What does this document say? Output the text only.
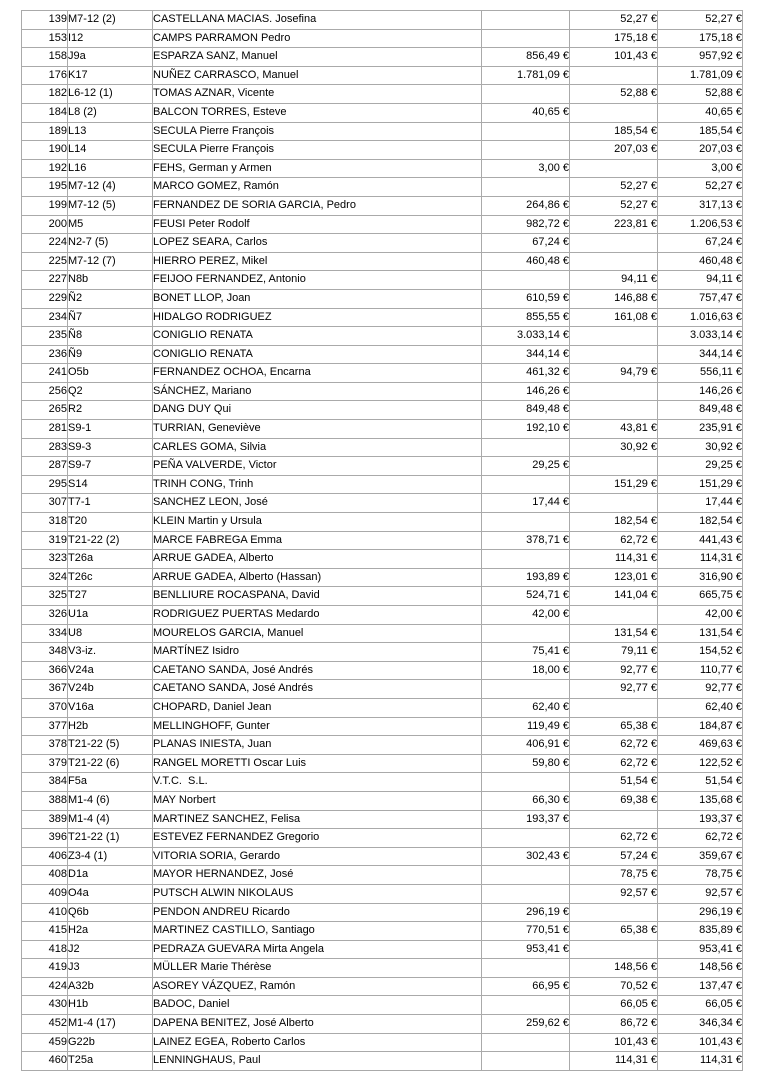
139	M7-12 (2)	CASTELLANA MACIAS. Josefina		52,27 €	52,27 €
153	I12	CAMPS PARRAMON Pedro		175,18 €	175,18 €
158	J9a	ESPARZA SANZ, Manuel	856,49 €	101,43 €	957,92 €
176	K17	NUÑEZ CARRASCO, Manuel	1.781,09 €		1.781,09 €
182	L6-12 (1)	TOMAS AZNAR, Vicente		52,88 €	52,88 €
184	L8 (2)	BALCON TORRES, Esteve	40,65 €		40,65 €
189	L13	SECULA Pierre François		185,54 €	185,54 €
190	L14	SECULA Pierre François		207,03 €	207,03 €
192	L16	FEHS, German y Armen	3,00 €		3,00 €
195	M7-12 (4)	MARCO GOMEZ, Ramón		52,27 €	52,27 €
199	M7-12 (5)	FERNANDEZ DE SORIA GARCIA, Pedro	264,86 €	52,27 €	317,13 €
200	M5	FEUSI Peter Rodolf	982,72 €	223,81 €	1.206,53 €
224	N2-7 (5)	LOPEZ SEARA, Carlos	67,24 €		67,24 €
225	M7-12 (7)	HIERRO PEREZ, Mikel	460,48 €		460,48 €
227	N8b	FEIJOO FERNANDEZ, Antonio		94,11 €	94,11 €
229	Ñ2	BONET LLOP, Joan	610,59 €	146,88 €	757,47 €
234	Ñ7	HIDALGO RODRIGUEZ	855,55 €	161,08 €	1.016,63 €
235	Ñ8	CONIGLIO RENATA	3.033,14 €		3.033,14 €
236	Ñ9	CONIGLIO RENATA	344,14 €		344,14 €
241	O5b	FERNANDEZ OCHOA, Encarna	461,32 €	94,79 €	556,11 €
256	Q2	SÁNCHEZ, Mariano	146,26 €		146,26 €
265	R2	DANG DUY Qui	849,48 €		849,48 €
281	S9-1	TURRIAN, Geneviève	192,10 €	43,81 €	235,91 €
283	S9-3	CARLES GOMA, Silvia		30,92 €	30,92 €
287	S9-7	PEÑA VALVERDE, Victor	29,25 €		29,25 €
295	S14	TRINH CONG, Trinh		151,29 €	151,29 €
307	T7-1	SANCHEZ LEON, José	17,44 €		17,44 €
318	T20	KLEIN Martin y Ursula		182,54 €	182,54 €
319	T21-22 (2)	MARCE FABREGA Emma	378,71 €	62,72 €	441,43 €
323	T26a	ARRUE GADEA, Alberto		114,31 €	114,31 €
324	T26c	ARRUE GADEA, Alberto (Hassan)	193,89 €	123,01 €	316,90 €
325	T27	BENLLIURE ROCASPANA, David	524,71 €	141,04 €	665,75 €
326	U1a	RODRIGUEZ PUERTAS Medardo	42,00 €		42,00 €
334	U8	MOURELOS GARCIA, Manuel		131,54 €	131,54 €
348	V3-iz.	MARTÍNEZ Isidro	75,41 €	79,11 €	154,52 €
366	V24a	CAETANO SANDA, José Andrés	18,00 €	92,77 €	110,77 €
367	V24b	CAETANO SANDA, José Andrés		92,77 €	92,77 €
370	V16a	CHOPARD, Daniel Jean	62,40 €		62,40 €
377	H2b	MELLINGHOFF, Gunter	119,49 €	65,38 €	184,87 €
378	T21-22 (5)	PLANAS INIESTA, Juan	406,91 €	62,72 €	469,63 €
379	T21-22 (6)	RANGEL MORETTI Oscar Luis	59,80 €	62,72 €	122,52 €
384	F5a	V.T.C.  S.L.		51,54 €	51,54 €
388	M1-4 (6)	MAY Norbert	66,30 €	69,38 €	135,68 €
389	M1-4 (4)	MARTINEZ SANCHEZ, Felisa	193,37 €		193,37 €
396	T21-22 (1)	ESTEVEZ FERNANDEZ Gregorio		62,72 €	62,72 €
406	Z3-4 (1)	VITORIA SORIA, Gerardo	302,43 €	57,24 €	359,67 €
408	D1a	MAYOR HERNANDEZ, José		78,75 €	78,75 €
409	O4a	PUTSCH ALWIN NIKOLAUS		92,57 €	92,57 €
410	Q6b	PENDON ANDREU Ricardo	296,19 €		296,19 €
415	H2a	MARTINEZ CASTILLO, Santiago	770,51 €	65,38 €	835,89 €
418	J2	PEDRAZA GUEVARA Mirta Angela	953,41 €		953,41 €
419	J3	MÜLLER Marie Thérèse		148,56 €	148,56 €
424	A32b	ASOREY VÁZQUEZ, Ramón	66,95 €	70,52 €	137,47 €
430	H1b	BADOC, Daniel		66,05 €	66,05 €
452	M1-4 (17)	DAPENA BENITEZ, José Alberto	259,62 €	86,72 €	346,34 €
459	G22b	LAINEZ EGEA, Roberto Carlos		101,43 €	101,43 €
460	T25a	LENNINGHAUS, Paul		114,31 €	114,31 €
